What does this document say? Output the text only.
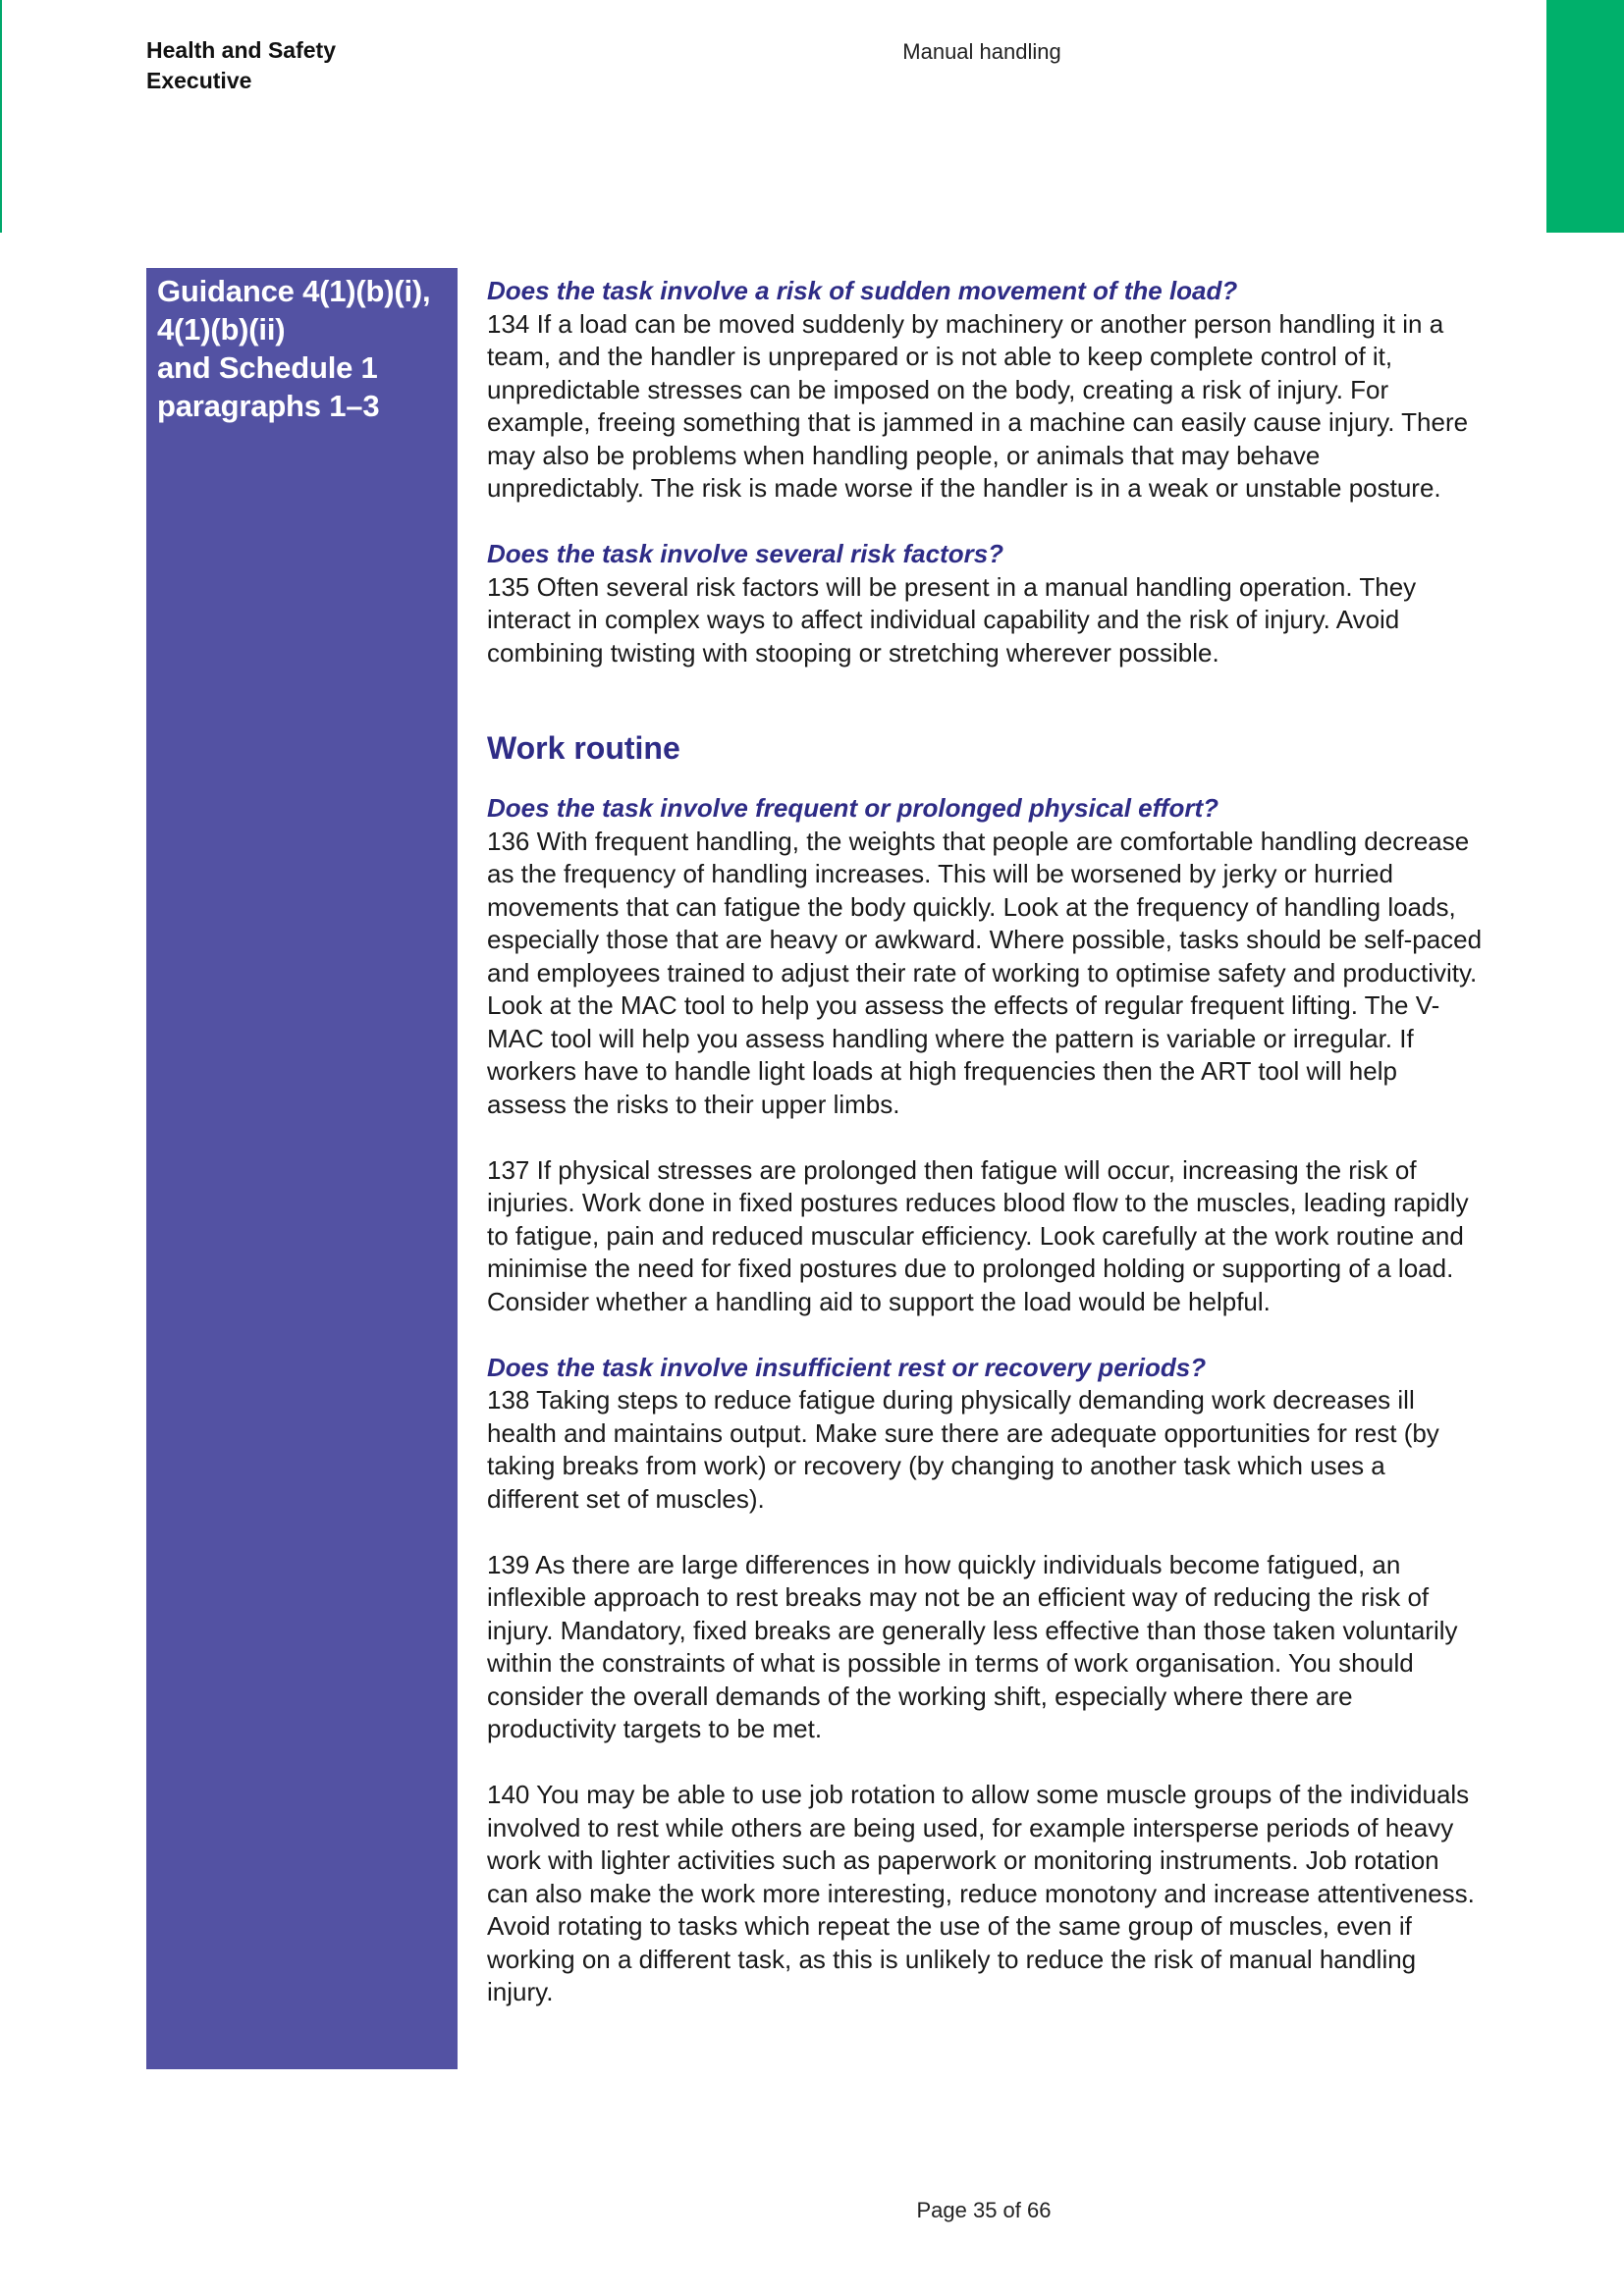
Health and Safety
Executive
Manual handling
Guidance 4(1)(b)(i),
4(1)(b)(ii)
and Schedule 1
paragraphs 1–3

Does the task involve a risk of sudden movement of the load?

134 If a load can be moved suddenly by machinery or another person handling it in a team, and the handler is unprepared or is not able to keep complete control of it, unpredictable stresses can be imposed on the body, creating a risk of injury. For example, freeing something that is jammed in a machine can easily cause injury. There may also be problems when handling people, or animals that may behave unpredictably. The risk is made worse if the handler is in a weak or unstable posture.

Does the task involve several risk factors?

135 Often several risk factors will be present in a manual handling operation. They interact in complex ways to affect individual capability and the risk of injury. Avoid combining twisting with stooping or stretching wherever possible.

Work routine

Does the task involve frequent or prolonged physical effort?

136 With frequent handling, the weights that people are comfortable handling decrease as the frequency of handling increases. This will be worsened by jerky or hurried movements that can fatigue the body quickly. Look at the frequency of handling loads, especially those that are heavy or awkward. Where possible, tasks should be self-paced and employees trained to adjust their rate of working to optimise safety and productivity. Look at the MAC tool to help you assess the effects of regular frequent lifting. The V-MAC tool will help you assess handling where the pattern is variable or irregular. If workers have to handle light loads at high frequencies then the ART tool will help assess the risks to their upper limbs.

137 If physical stresses are prolonged then fatigue will occur, increasing the risk of injuries. Work done in fixed postures reduces blood flow to the muscles, leading rapidly to fatigue, pain and reduced muscular efficiency. Look carefully at the work routine and minimise the need for fixed postures due to prolonged holding or supporting of a load. Consider whether a handling aid to support the load would be helpful.

Does the task involve insufficient rest or recovery periods?

138 Taking steps to reduce fatigue during physically demanding work decreases ill health and maintains output. Make sure there are adequate opportunities for rest (by taking breaks from work) or recovery (by changing to another task which uses a different set of muscles).

139 As there are large differences in how quickly individuals become fatigued, an inflexible approach to rest breaks may not be an efficient way of reducing the risk of injury. Mandatory, fixed breaks are generally less effective than those taken voluntarily within the constraints of what is possible in terms of work organisation. You should consider the overall demands of the working shift, especially where there are productivity targets to be met.

140 You may be able to use job rotation to allow some muscle groups of the individuals involved to rest while others are being used, for example intersperse periods of heavy work with lighter activities such as paperwork or monitoring instruments. Job rotation can also make the work more interesting, reduce monotony and increase attentiveness. Avoid rotating to tasks which repeat the use of the same group of muscles, even if working on a different task, as this is unlikely to reduce the risk of manual handling injury.

Page 35 of 66
